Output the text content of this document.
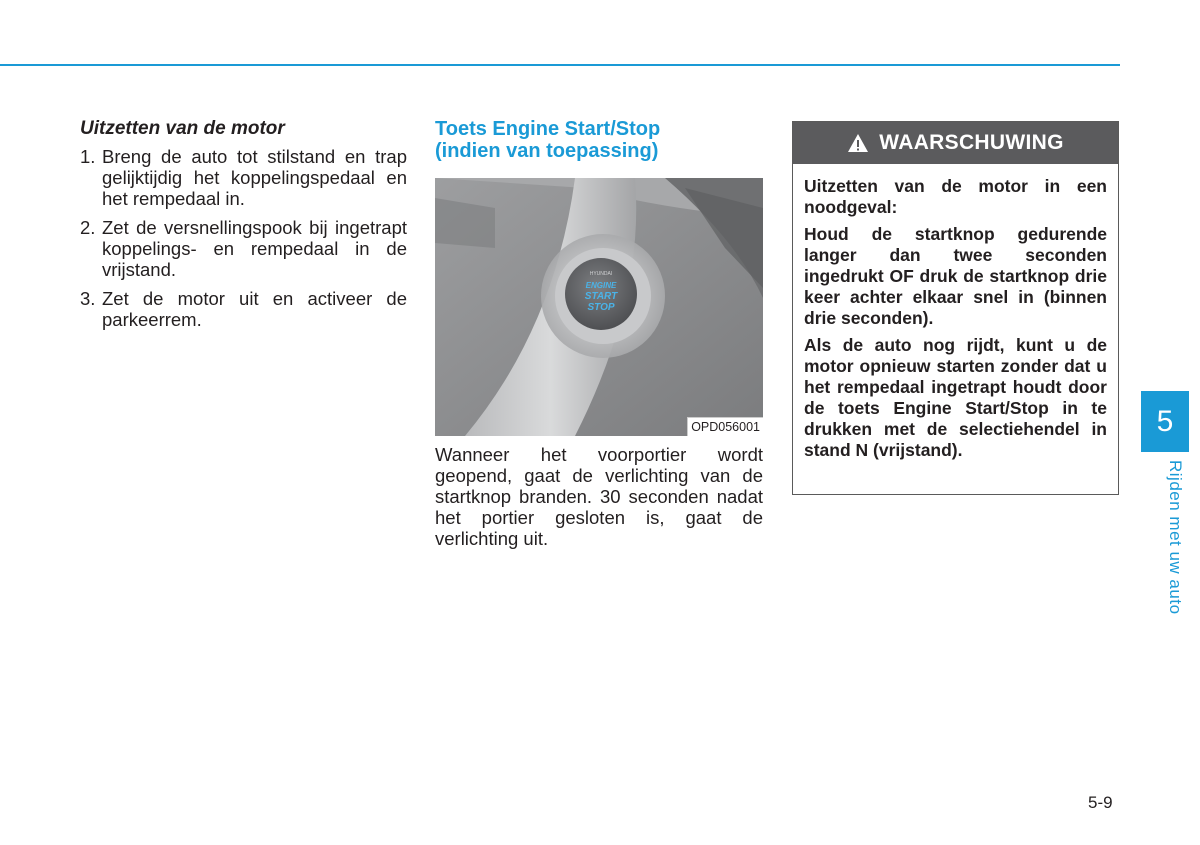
Uitzetten van de motor
1. Breng de auto tot stilstand en trap gelijktijdig het koppelingspedaal en het rempedaal in.
2. Zet de versnellingspook bij ingetrapt koppelings- en rempedaal in de vrijstand.
3. Zet de motor uit en activeer de parkeerrem.
Toets Engine Start/Stop
(indien van toepassing)
HYUNDAI
ENGINE
START
STOP
OPD056001

Wanneer het voorportier wordt geopend, gaat de verlichting van de startknop branden. 30 seconden nadat het portier gesloten is, gaat de verlichting uit.

WAARSCHUWING

Uitzetten van de motor in een noodgeval:

Houd de startknop gedurende langer dan twee seconden ingedrukt OF druk de startknop drie keer achter elkaar snel in (binnen drie seconden).

Als de auto nog rijdt, kunt u de motor opnieuw starten zonder dat u het rempedaal ingetrapt houdt door de toets Engine Start/Stop in te drukken met de selectiehendel in stand N (vrijstand).

5
Rijden met uw auto
5-9
